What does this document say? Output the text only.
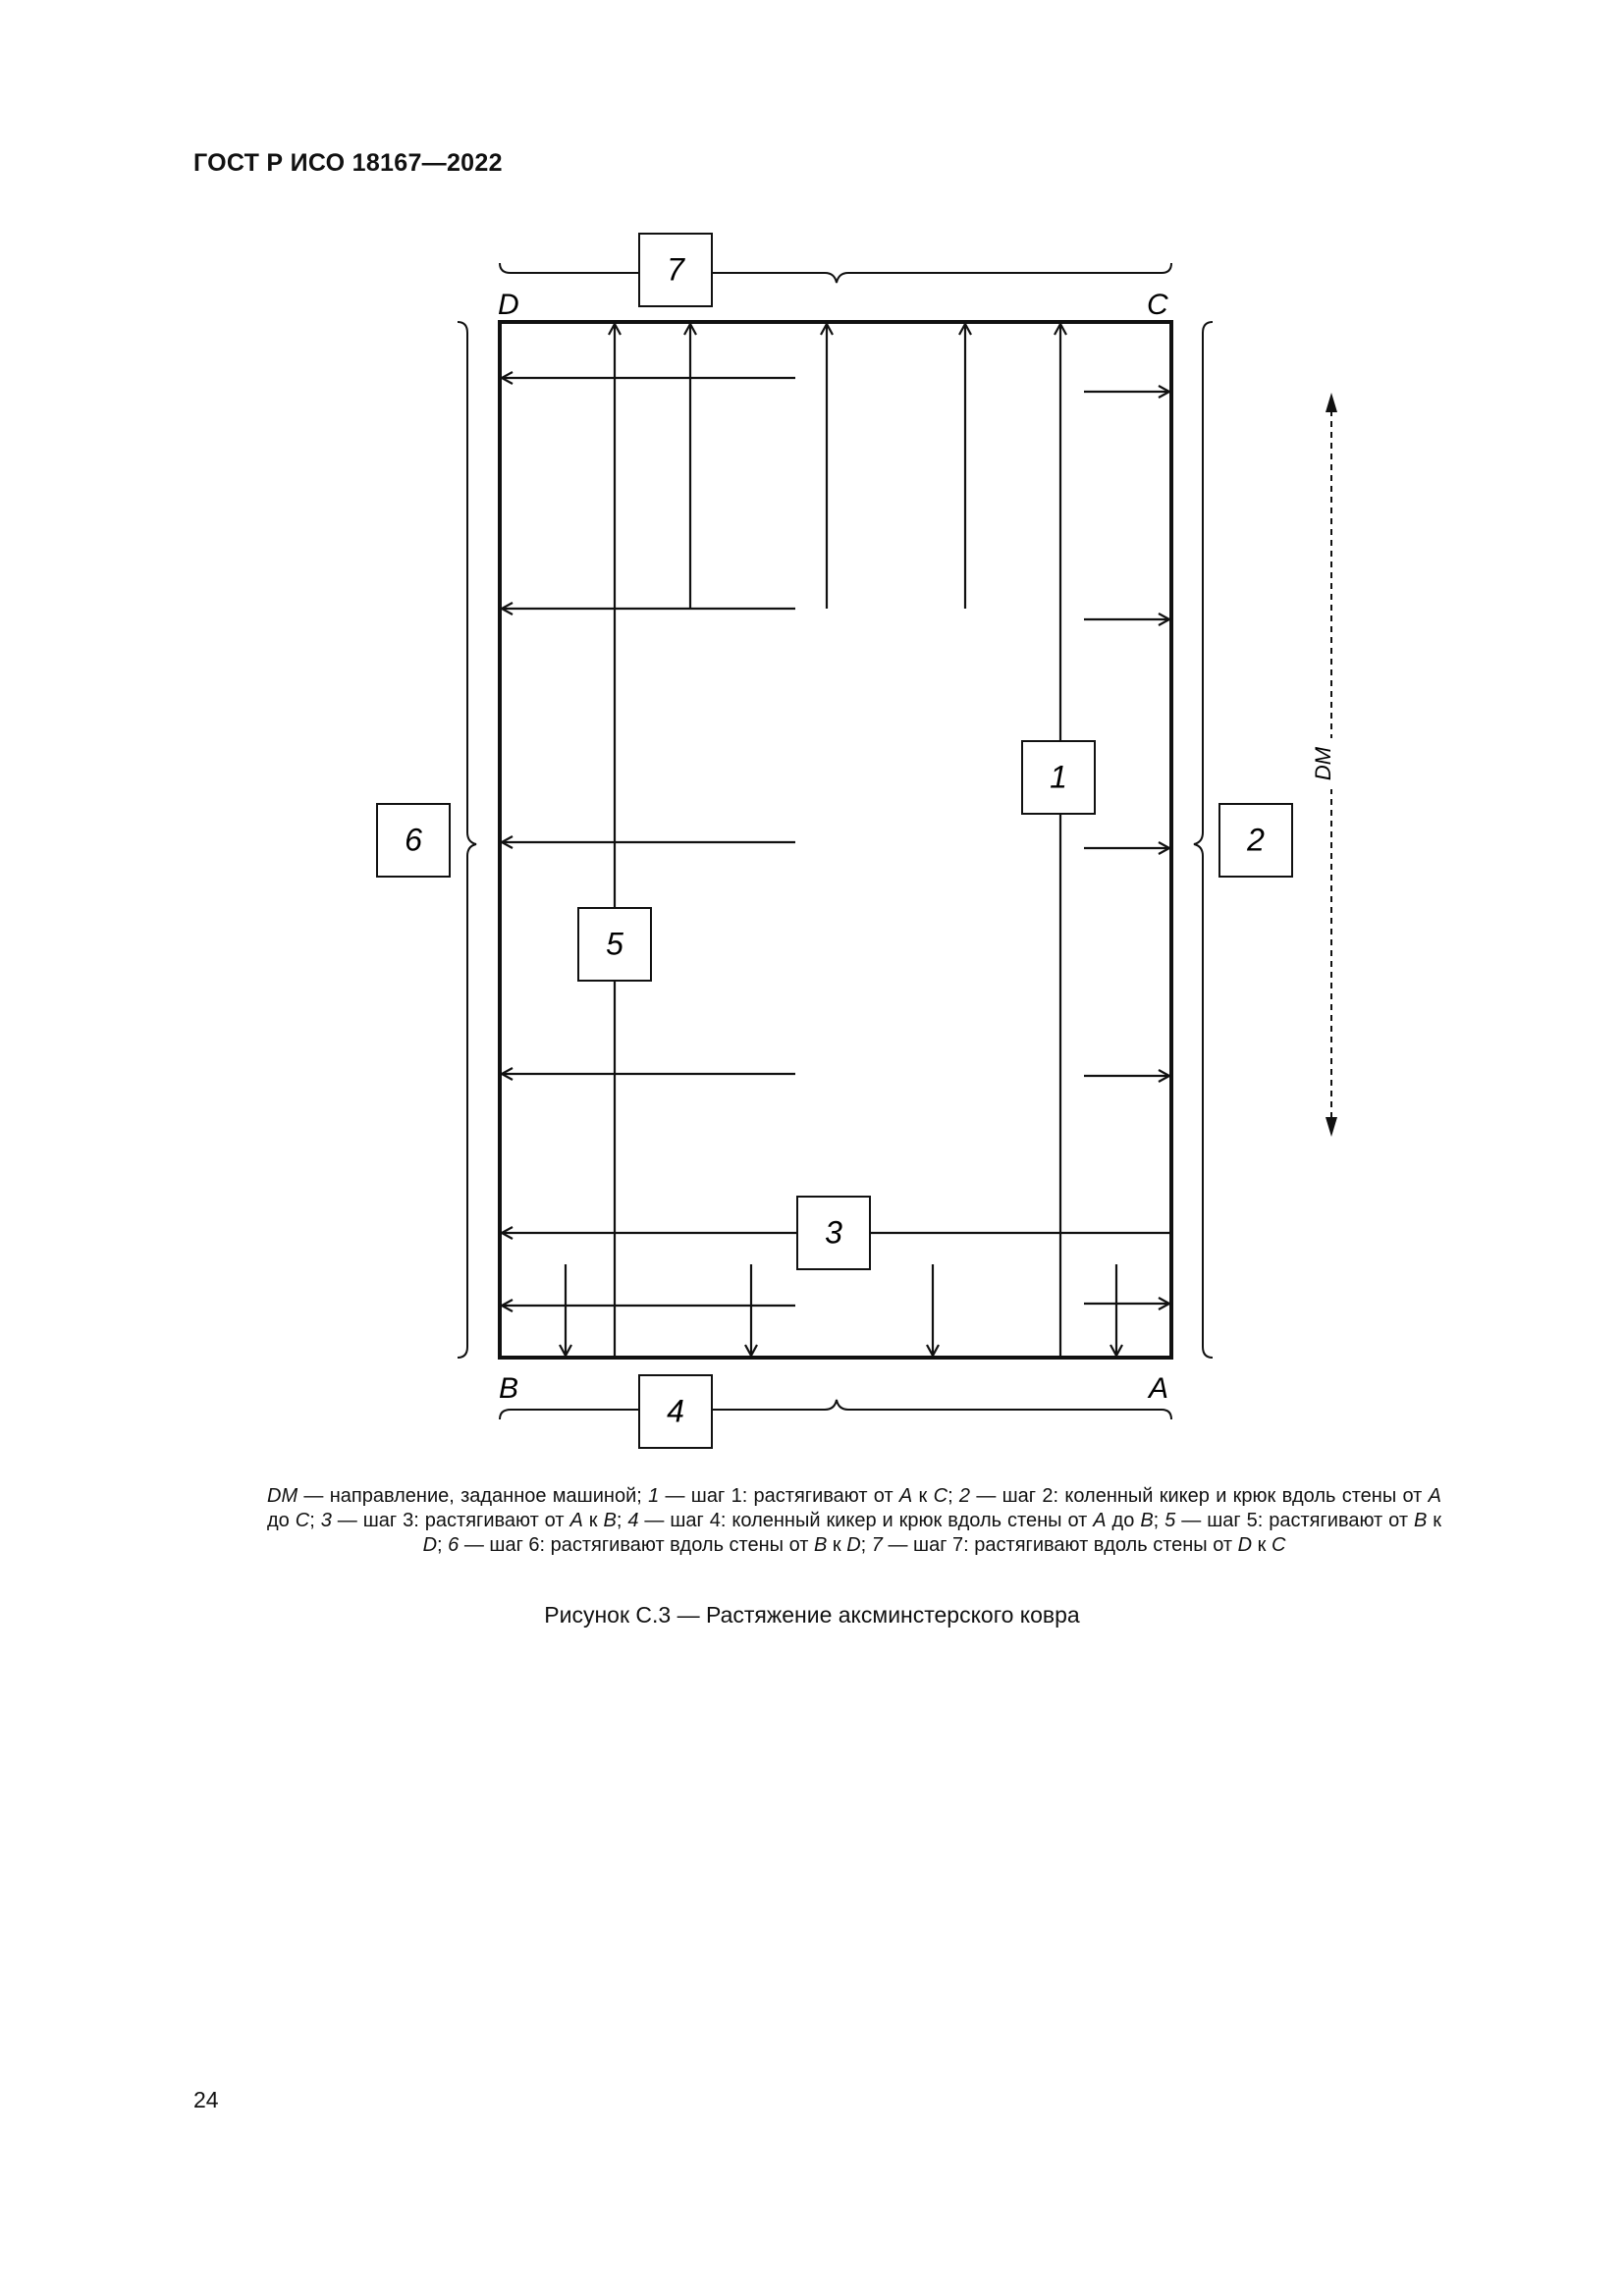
ГОСТ Р ИСО 18167—2022
D	C
B	A
DM
7
4
6	2
1
5
3
DM — направление, заданное машиной; 1 — шаг 1: растягивают от A к C; 2 — шаг 2: коленный кикер и крюк вдоль стены от A до C; 3 — шаг 3: растягивают от A к B; 4 — шаг 4: коленный кикер и крюк вдоль стены от A до B; 5 — шаг 5: растягивают от B к D; 6 — шаг 6: растягивают вдоль стены от B к D; 7 — шаг 7: растягивают вдоль стены от D к C
Рисунок С.3 — Растяжение аксминстерского ковра
24
